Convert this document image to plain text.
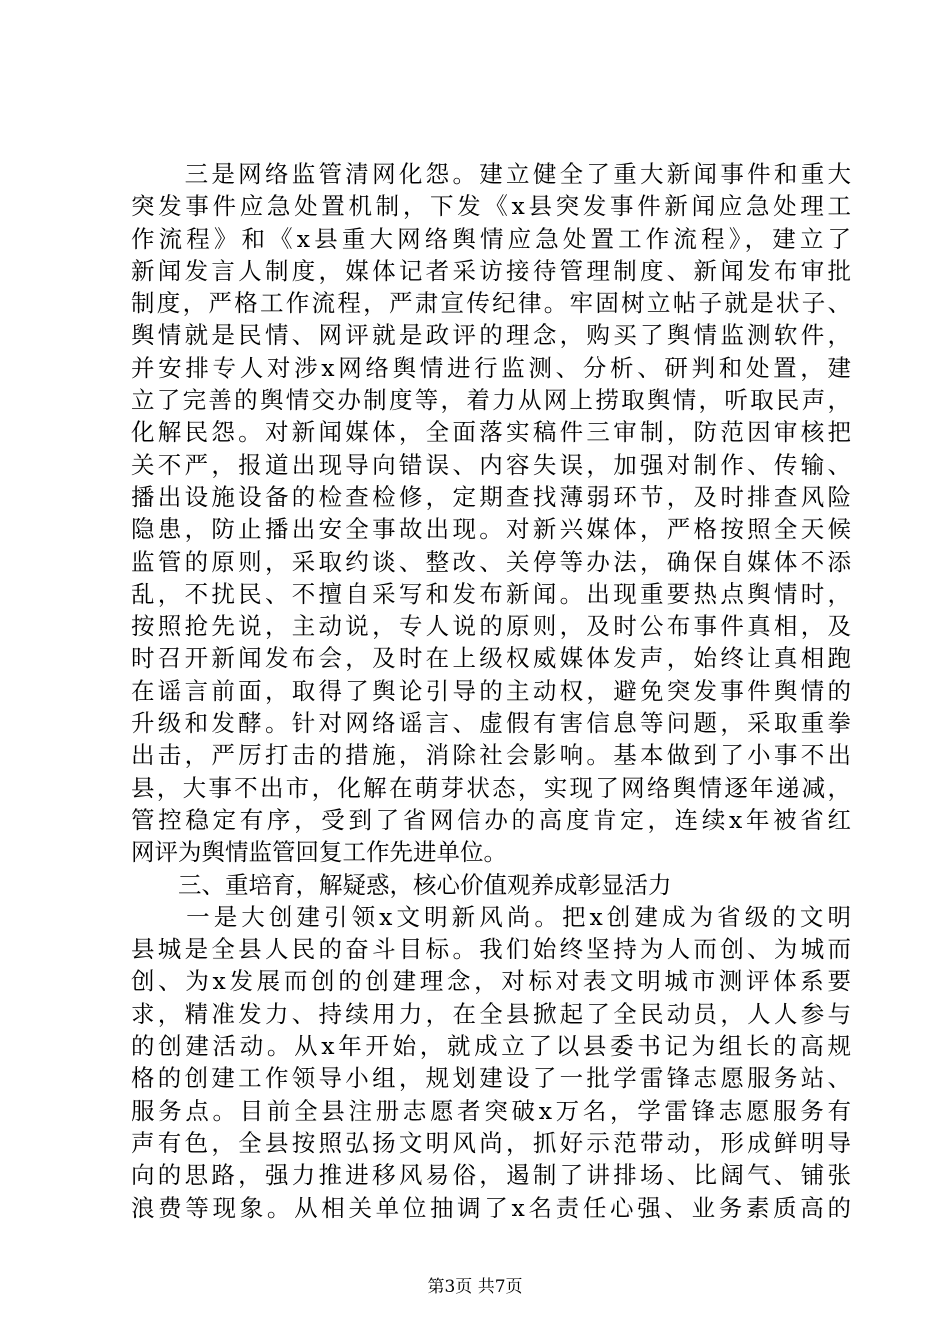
　　三是网络监管清网化怨。建立健全了重大新闻事件和重大
突发事件应急处置机制，下发《x县突发事件新闻应急处理工
作流程》和《x县重大网络舆情应急处置工作流程》，建立了
新闻发言人制度，媒体记者采访接待管理制度、新闻发布审批
制度，严格工作流程，严肃宣传纪律。牢固树立帖子就是状子、
舆情就是民情、网评就是政评的理念，购买了舆情监测软件，
并安排专人对涉x网络舆情进行监测、分析、研判和处置，建
立了完善的舆情交办制度等，着力从网上捞取舆情，听取民声，
化解民怨。对新闻媒体，全面落实稿件三审制，防范因审核把
关不严，报道出现导向错误、内容失误，加强对制作、传输、
播出设施设备的检查检修，定期查找薄弱环节，及时排查风险
隐患，防止播出安全事故出现。对新兴媒体，严格按照全天候
监管的原则，采取约谈、整改、关停等办法，确保自媒体不添
乱，不扰民、不擅自采写和发布新闻。出现重要热点舆情时，
按照抢先说，主动说，专人说的原则，及时公布事件真相，及
时召开新闻发布会，及时在上级权威媒体发声，始终让真相跑
在谣言前面，取得了舆论引导的主动权，避免突发事件舆情的
升级和发酵。针对网络谣言、虚假有害信息等问题，采取重拳
出击，严厉打击的措施，消除社会影响。基本做到了小事不出
县，大事不出市，化解在萌芽状态，实现了网络舆情逐年递减，
管控稳定有序，受到了省网信办的高度肯定，连续x年被省红
网评为舆情监管回复工作先进单位。
　　三、重培育，解疑惑，核心价值观养成彰显活力
　　一是大创建引领x文明新风尚。把x创建成为省级的文明
县城是全县人民的奋斗目标。我们始终坚持为人而创、为城而
创、为x发展而创的创建理念，对标对表文明城市测评体系要
求，精准发力、持续用力，在全县掀起了全民动员，人人参与
的创建活动。从x年开始，就成立了以县委书记为组长的高规
格的创建工作领导小组，规划建设了一批学雷锋志愿服务站、
服务点。目前全县注册志愿者突破x万名，学雷锋志愿服务有
声有色，全县按照弘扬文明风尚，抓好示范带动，形成鲜明导
向的思路，强力推进移风易俗，遏制了讲排场、比阔气、铺张
浪费等现象。从相关单位抽调了x名责任心强、业务素质高的
第3页 共7页
